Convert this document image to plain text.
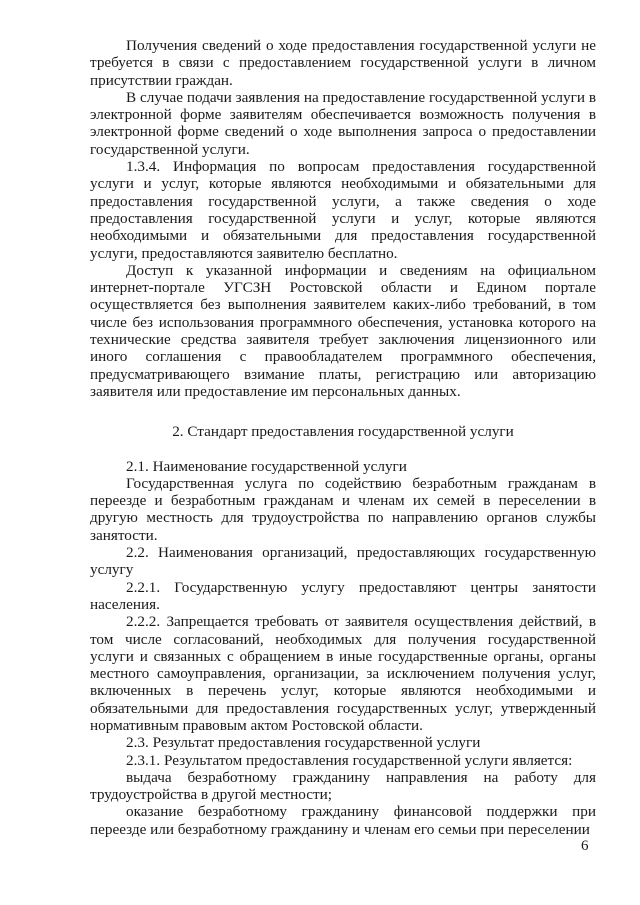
Получения сведений о ходе предоставления государственной услуги не требуется в связи с предоставлением государственной услуги в личном присутствии граждан.

В случае подачи заявления на предоставление государственной услуги в электронной форме заявителям обеспечивается возможность получения в электронной форме сведений о ходе выполнения запроса о предоставлении государственной услуги.

1.3.4. Информация по вопросам предоставления государственной услуги и услуг, которые являются необходимыми и обязательными для предоставления государственной услуги, а также сведения о ходе предоставления государственной услуги и услуг, которые являются необходимыми и обязательными для предоставления государственной услуги, предоставляются заявителю бесплатно.

Доступ к указанной информации и сведениям на официальном интернет-портале УГСЗН Ростовской области и Едином портале осуществляется без выполнения заявителем каких-либо требований, в том числе без использования программного обеспечения, установка которого на технические средства заявителя требует заключения лицензионного или иного соглашения с правообладателем программного обеспечения, предусматривающего взимание платы, регистрацию или авторизацию заявителя или предоставление им персональных данных.

2. Стандарт предоставления государственной услуги

2.1. Наименование государственной услуги

Государственная услуга по содействию безработным гражданам в переезде и безработным гражданам и членам их семей в переселении в другую местность для трудоустройства по направлению органов службы занятости.

2.2. Наименования организаций, предоставляющих государственную услугу

2.2.1. Государственную услугу предоставляют центры занятости населения.

2.2.2. Запрещается требовать от заявителя осуществления действий, в том числе согласований, необходимых для получения государственной услуги и связанных с обращением в иные государственные органы, органы местного самоуправления, организации, за исключением получения услуг, включенных в перечень услуг, которые являются необходимыми и обязательными для предоставления государственных услуг, утвержденный нормативным правовым актом Ростовской области.

2.3. Результат предоставления государственной услуги

2.3.1. Результатом предоставления государственной услуги является:

выдача безработному гражданину направления на работу для трудоустройства в другой местности;

оказание безработному гражданину финансовой поддержки при переезде или безработному гражданину и членам его семьи при переселении

6
